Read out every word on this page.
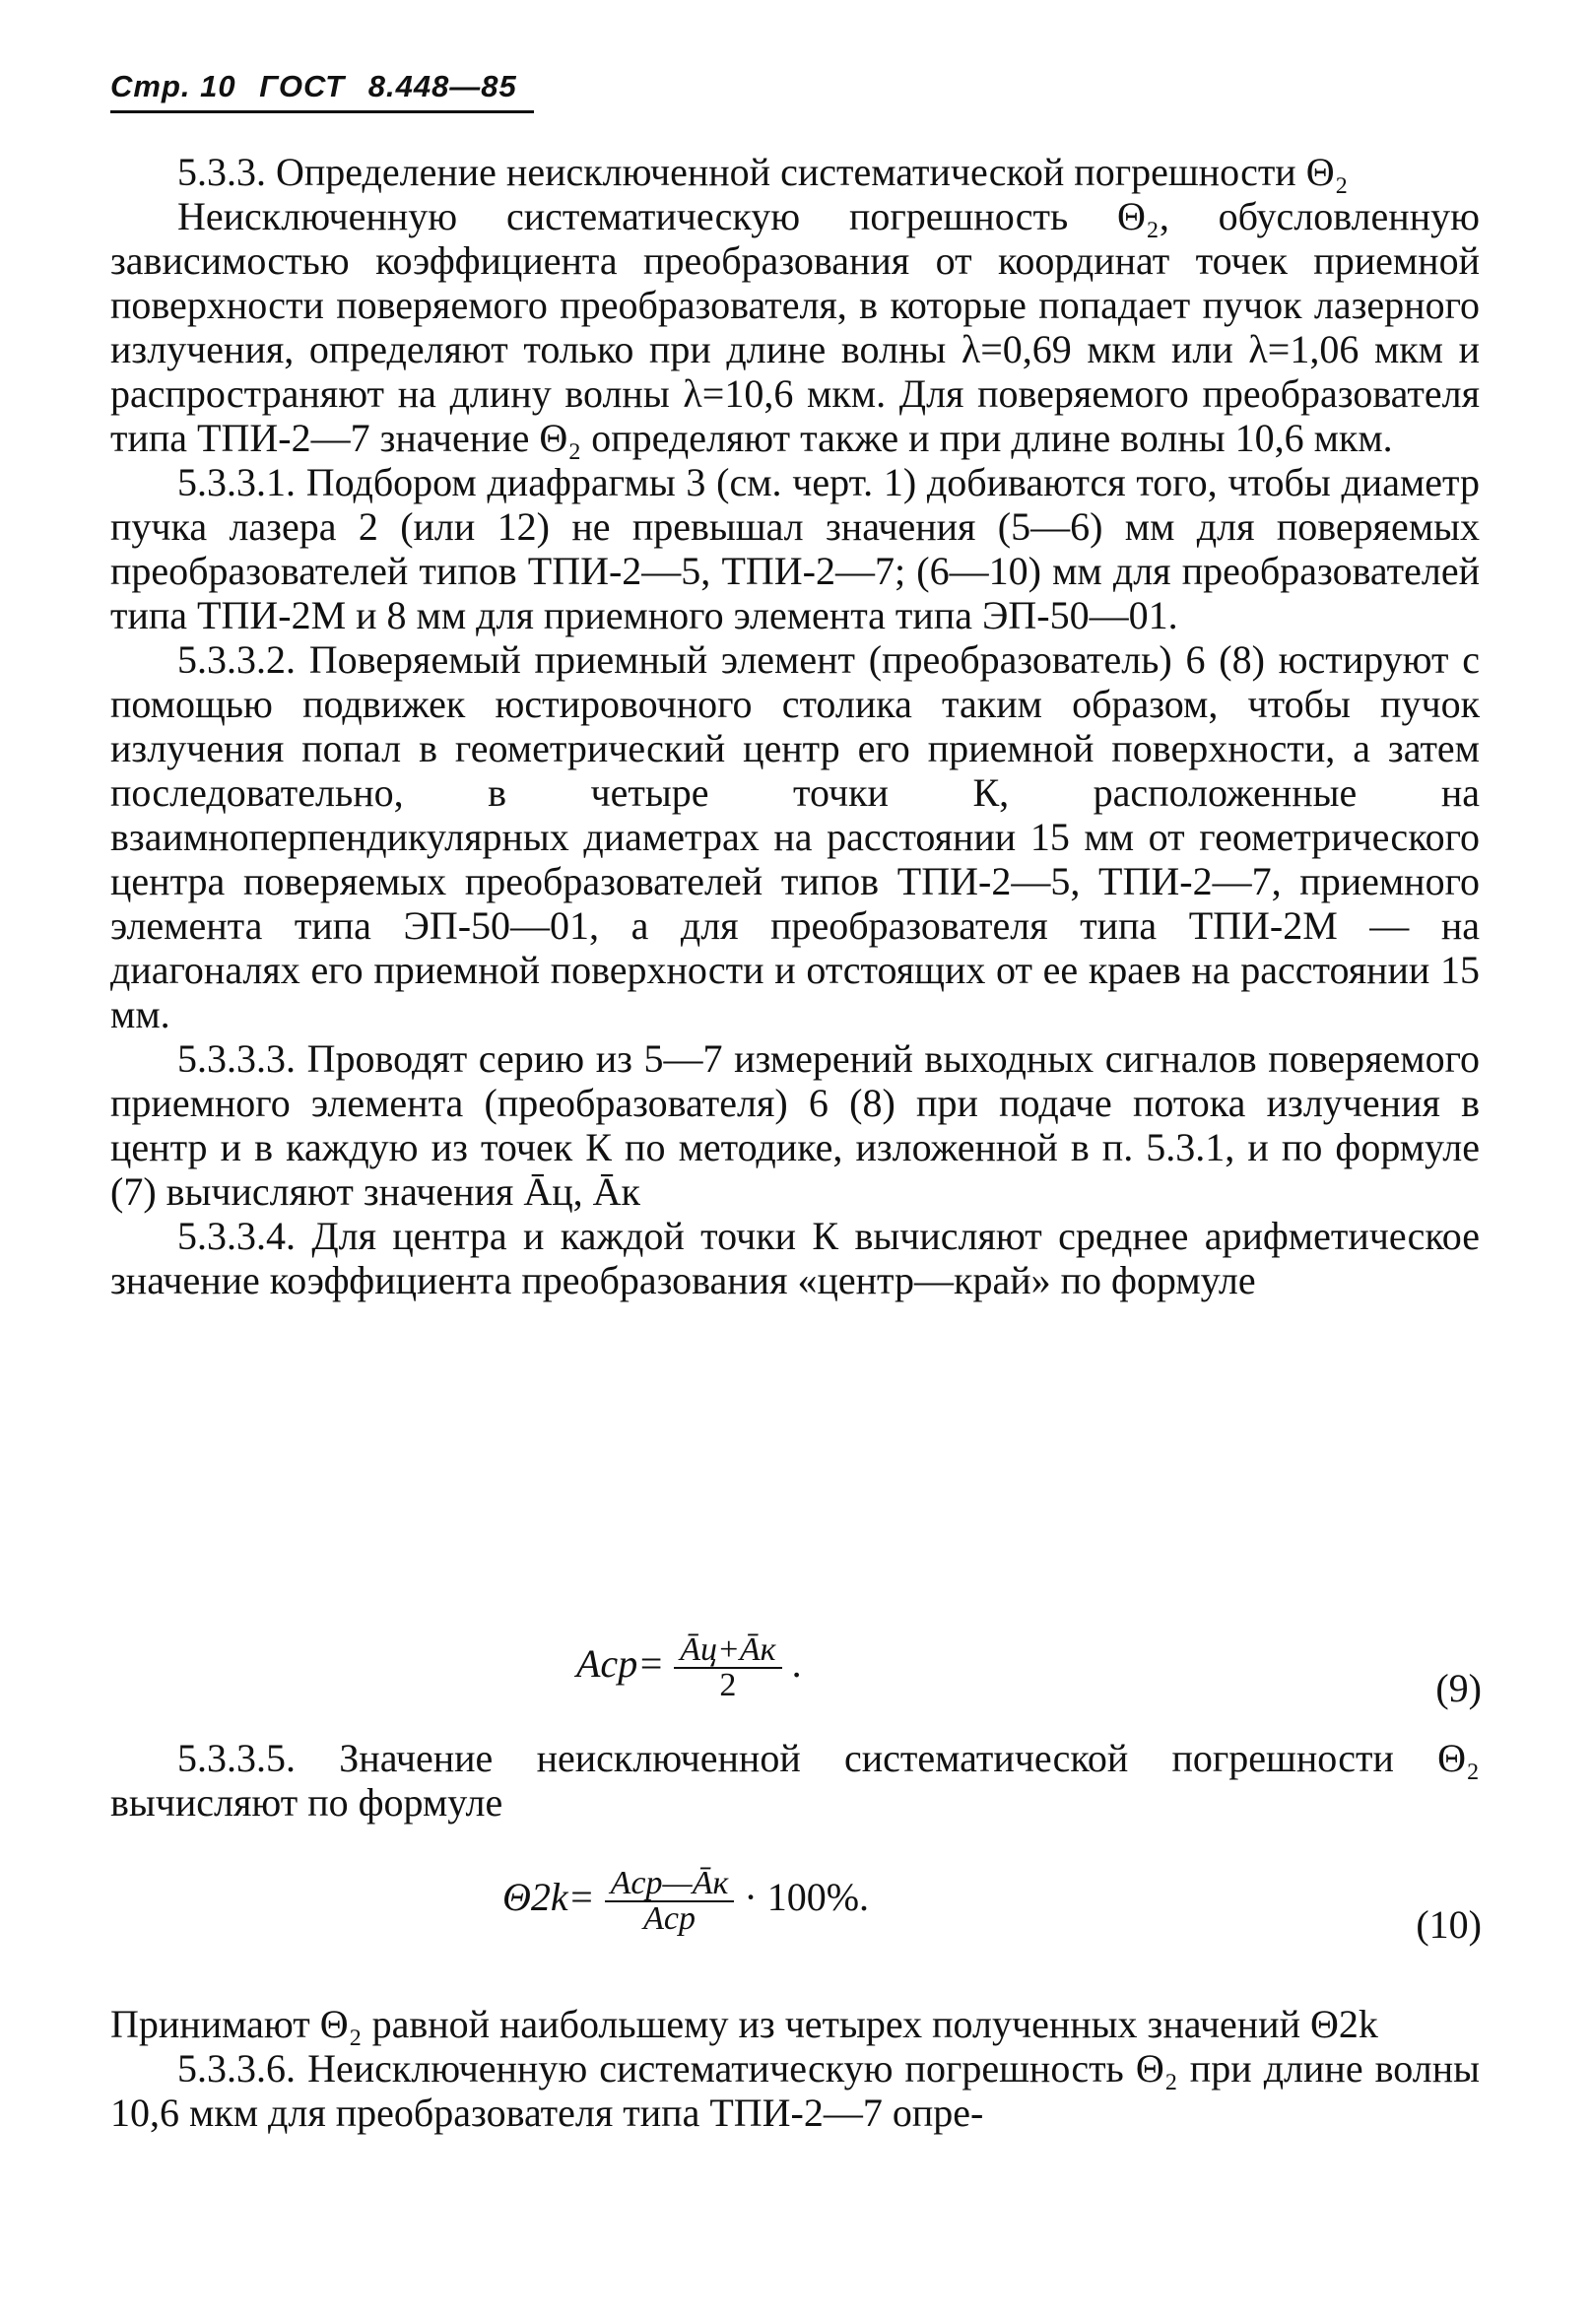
Стр. 10 ГОСТ 8.448—85

5.3.3. Определение неисключенной систематической погрешности Θ₂

Неисключенную систематическую погрешность Θ₂, обусловленную зависимостью коэффициента преобразования от координат точек приемной поверхности поверяемого преобразователя, в которые попадает пучок лазерного излучения, определяют только при длине волны λ=0,69 мкм или λ=1,06 мкм и распространяют на длину волны λ=10,6 мкм. Для поверяемого преобразователя типа ТПИ-2—7 значение Θ₂ определяют также и при длине волны 10,6 мкм.

5.3.3.1. Подбором диафрагмы 3 (см. черт. 1) добиваются того, чтобы диаметр пучка лазера 2 (или 12) не превышал значения (5—6) мм для поверяемых преобразователей типов ТПИ-2—5, ТПИ-2—7; (6—10) мм для преобразователей типа ТПИ-2М и 8 мм для приемного элемента типа ЭП-50—01.

5.3.3.2. Поверяемый приемный элемент (преобразователь) 6 (8) юстируют с помощью подвижек юстировочного столика таким образом, чтобы пучок излучения попал в геометрический центр его приемной поверхности, а затем последовательно, в четыре точки К, расположенные на взаимноперпендикулярных диаметрах на расстоянии 15 мм от геометрического центра поверяемых преобразователей типов ТПИ-2—5, ТПИ-2—7, приемного элемента типа ЭП-50—01, а для преобразователя типа ТПИ-2М — на диагоналях его приемной поверхности и отстоящих от ее краев на расстоянии 15 мм.

5.3.3.3. Проводят серию из 5—7 измерений выходных сигналов поверяемого приемного элемента (преобразователя) 6 (8) при подаче потока излучения в центр и в каждую из точек К по методике, изложенной в п. 5.3.1, и по формуле (7) вычисляют значения Āц, Āк

5.3.3.4. Для центра и каждой точки К вычисляют среднее арифметическое значение коэффициента преобразования «центр—край» по формуле

$Aср= \frac{Āц+Āк}{2}$ .
(9)

5.3.3.5. Значение неисключенной систематической погрешности Θ₂ вычисляют по формуле

$\Theta 2k= \frac{\text{Aср—Āк}}{\text{Aср}} \cdot 100\%$.
(10)

Принимают Θ₂ равной наибольшему из четырех полученных значений Θ2k

5.3.3.6. Неисключенную систематическую погрешность Θ₂ при длине волны 10,6 мкм для преобразователя типа ТПИ-2—7 опре-
